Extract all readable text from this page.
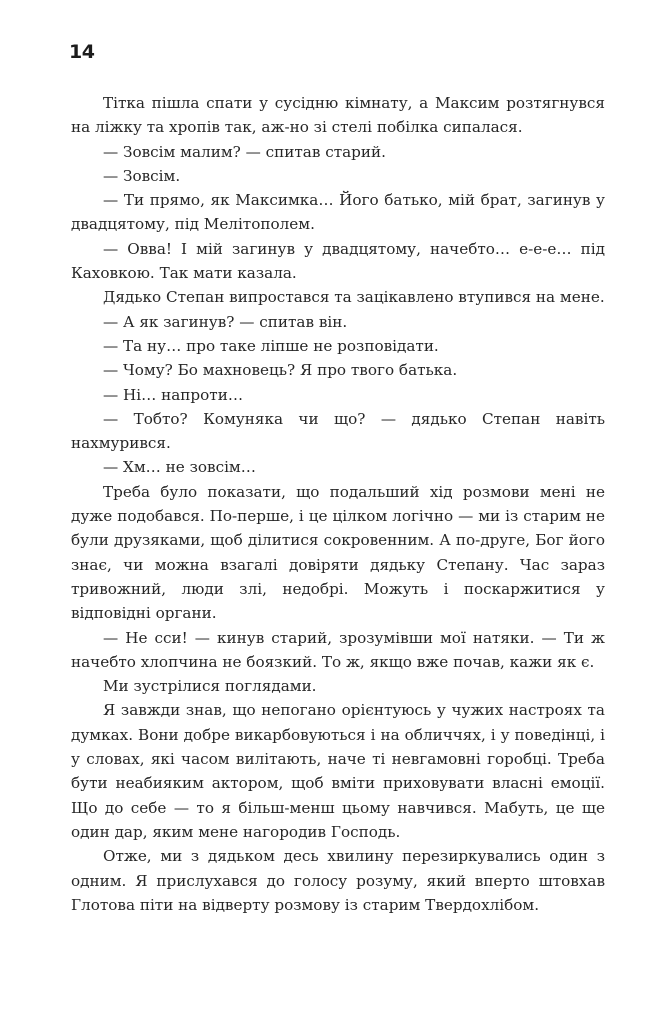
14

Тітка пішла спати у сусідню кімнату, а Максим розтягнувся на ліжку та хропів так, аж-но зі стелі побілка сипалася.

— Зовсім малим? — спитав старий.

— Зовсім.

— Ти прямо, як Максимка… Його батько, мій брат, загинув у двадцятому, під Мелітополем.

— Овва! І мій загинув у двадцятому, начебто… е-е-е… під Каховкою. Так мати казала.

Дядько Степан випростався та зацікавлено втупився на мене.

— А як загинув? — спитав він.

— Та ну… про таке ліпше не розповідати.

— Чому? Бо махновець? Я про твого батька.

— Ні… напроти…

— Тобто? Комуняка чи що? — дядько Степан навіть нахмурився.

— Хм… не зовсім…

Треба було показати, що подальший хід розмови мені не дуже подобався. По-перше, і це цілком логічно — ми із старим не були друзяками, щоб ділитися сокровенним. А по-друге, Бог його знає, чи можна взагалі довіряти дядьку Степану. Час зараз тривожний, люди злі, недобрі. Можуть і поскаржитися у відповідні органи.

— Не сси! — кинув старий, зрозумівши мої натяки. — Ти ж начебто хлопчина не боязкий. То ж, якщо вже почав, кажи як є.

Ми зустрілися поглядами.

Я завжди знав, що непогано орієнтуюсь у чужих настроях та думках. Вони добре викарбовуються і на обличчях, і у поведінці, і у словах, які часом вилітають, наче ті невгамовні горобці. Треба бути неабияким актором, щоб вміти приховувати власні емоції. Що до себе — то я більш-менш цьому навчився. Мабуть, це ще один дар, яким мене нагородив Господь.

Отже, ми з дядьком десь хвилину перезиркувались один з одним. Я прислухався до голосу розуму, який вперто штовхав Глотова піти на відверту розмову із старим Твердохлібом.
